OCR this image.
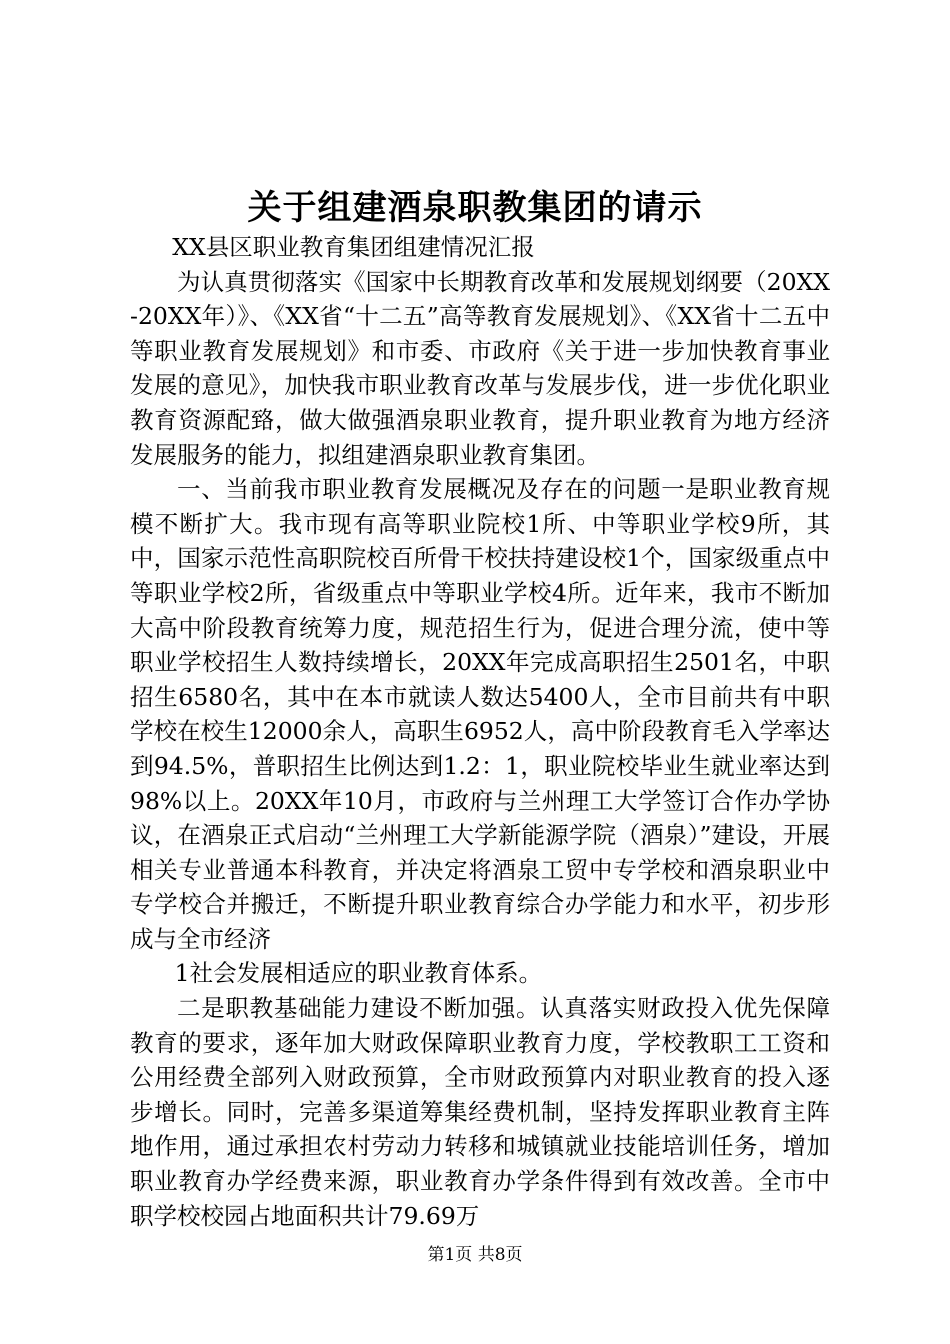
关于组建酒泉职教集团的请示

XX县区职业教育集团组建情况汇报

为认真贯彻落实《国家中长期教育改革和发展规划纲要（20XX-20XX年）》、《XX省“十二五”高等教育发展规划》、《XX省十二五中等职业教育发展规划》和市委、市政府《关于进一步加快教育事业发展的意见》，加快我市职业教育改革与发展步伐，进一步优化职业教育资源配臵，做大做强酒泉职业教育，提升职业教育为地方经济发展服务的能力，拟组建酒泉职业教育集团。

一、当前我市职业教育发展概况及存在的问题一是职业教育规模不断扩大。我市现有高等职业院校1所、中等职业学校9所，其中，国家示范性高职院校百所骨干校扶持建设校1个，国家级重点中等职业学校2所，省级重点中等职业学校4所。近年来，我市不断加大高中阶段教育统筹力度，规范招生行为，促进合理分流，使中等职业学校招生人数持续增长，20XX年完成高职招生2501名，中职招生6580名，其中在本市就读人数达5400人，全市目前共有中职学校在校生12000余人，高职生6952人，高中阶段教育毛入学率达到94.5%，普职招生比例达到1.2：1，职业院校毕业生就业率达到98%以上。20XX年10月，市政府与兰州理工大学签订合作办学协议，在酒泉正式启动“兰州理工大学新能源学院（酒泉）”建设，开展相关专业普通本科教育，并决定将酒泉工贸中专学校和酒泉职业中专学校合并搬迁，不断提升职业教育综合办学能力和水平，初步形成与全市经济

1社会发展相适应的职业教育体系。

二是职教基础能力建设不断加强。认真落实财政投入优先保障教育的要求，逐年加大财政保障职业教育力度，学校教职工工资和公用经费全部列入财政预算，全市财政预算内对职业教育的投入逐步增长。同时，完善多渠道筹集经费机制，坚持发挥职业教育主阵地作用，通过承担农村劳动力转移和城镇就业技能培训任务，增加职业教育办学经费来源，职业教育办学条件得到有效改善。全市中职学校校园占地面积共计79.69万

第1页 共8页
